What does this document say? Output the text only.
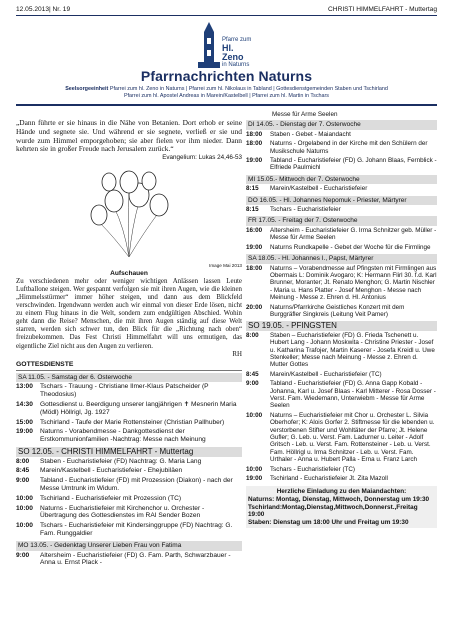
12.05.2013| Nr. 19	CHRISTI HIMMELFAHRT - Muttertag
Pfarre zum
Hl. Zeno
in Naturns
Pfarrnachrichten Naturns
Seelsorgeeinheit Pfarrei zum hl. Zeno in Naturns | Pfarrei zum hl. Nikolaus in Tabland | Gottesdienstgemeinden Staben und Tschirland
Pfarrei zum hl. Apostel Andreas in Marein/Kastelbell | Pfarrei zum hl. Martin in Tschars
„Dann führte er sie hinaus in die Nähe von Betanien. Dort erhob er seine Hände und segnete sie. Und während er sie segnete, verließ er sie und wurde zum Himmel emporgehoben; sie aber fielen vor ihm nieder. Dann kehrten sie in großer Freude nach Jerusalem zurück.“
Evangelium: Lukas 24,46-53
Image Mai 2013
Aufschauen
Zu verschiedenen mehr oder weniger wichtigen Anlässen lassen Leute Luftballone steigen. Wer gespannt verfolgen sie mit ihren Augen, wie die kleinen „Himmelsstürmer“ immer höher steigen, und dann aus dem Blickfeld verschwinden. Irgendwann werden auch wir einmal von dieser Erde lösen, nicht zu einem Flug hinaus in die Welt, sondern zum endgültigen Abschied. Wohin geht dann die Reise? Menschen, die mit ihren Augen ständig auf diese Welt starren, werden sich schwer tun, den Blick für die „Richtung nach oben“ freizubekommen. Das Fest Christi Himmelfahrt will uns ermutigen, das eigentliche Ziel nicht aus den Augen zu verlieren.
RH
GOTTESDIENSTE
SA 11.05. - Samstag der 6. Osterwoche
13:00	Tschars - Trauung - Christiane Ilmer-Klaus Patscheider (P Theodosius)
14:30	Gottesdienst u. Beerdigung unserer langjährigen ✝ Mesnerin Maria (Mödl) Höllrigl, Jg. 1927
15:00	Tschirland - Taufe der Marie Rottensteiner (Christian Pallhuber)
19:00	Naturns - Vorabendmesse - Dankgottesdienst der Erstkommunionfamilien -Nachtrag: Messe nach Meinung
SO 12.05. - CHRISTI HIMMELFAHRT - Muttertag
8:00	Staben - Eucharistiefeier (FD) Nachtrag: G. Maria Lang
8:45	Marein/Kastelbell - Eucharistiefeier - Ehejubiläen
9:00	Tabland - Eucharistiefeier (FD) mit Prozession (Diakon) - nach der Messe Umtrunk im Widum.
10:00	Tschirland - Eucharistiefeier mit Prozession (TC)
10:00	Naturns - Eucharistiefeier mit Kirchenchor u. Orchester - Übertragung des Gottesdienstes im RAI Sender Bozen
10:00	Tschars - Eucharistiefeier mit Kindersinggruppe (FD) Nachtrag: G. Fam. Runggaldier
MO 13.05. - Gedenktag Unserer Lieben Frau von Fatima
9:00	Altersheim - Eucharistiefeier (FD) G. Fam. Parth, Schwarzbauer - Anna u. Ernst Plack -
Messe für Arme Seelen
DI 14.05. - Dienstag der 7. Osterwoche
18:00	Staben - Gebet - Maiandacht
18:00	Naturns - Orgelabend in der Kirche mit den Schülern der Musikschule Naturns
19:00	Tabland - Eucharistiefeier (FD) G. Johann Blaas, Fernblick - Elfriede Paulmichl
MI 15.05.- Mittwoch der 7. Osterwoche
8:15	Marein/Kastelbell - Eucharistiefeier
DO 16.05. - Hl. Johannes Nepomuk - Priester, Märtyrer
8:15	Tschars - Eucharistiefeier
FR 17.05. - Freitag der 7. Osterwoche
16:00	Altersheim - Eucharistiefeier G. Irma Schnitzer geb. Müller - Messe für Arme Seelen
19:00	Naturns Rundkapelle - Gebet der Woche für die Firmlinge
SA 18.05. - Hl. Johannes I., Papst, Märtyrer
18:00	Naturns – Vorabendmesse auf Pfingsten mit Firmlingen aus Obermais L: Dominik Avogaro; K: Hermann Flirl 30. f.d. Karl Brunner, Moranter; Jt. Renato Menghon; G. Martin Nischler - Maria u. Hans Platter - Josef Menghon - Messe nach Meinung - Messe z. Ehren d. Hl. Antonius
20:00	Naturns/Pfarrkirche Geistliches Konzert mit dem Burggräfler Singkreis (Leitung Veit Pamer)
SO 19.05. - PFINGSTEN
8:00	Staben – Eucharistiefeier (FD) G. Frieda Tschenett u. Hubert Lang - Johann Moskwita - Christine Priester - Josef u. Katharina Trafojer, Martin Kaserer - Josefa Kreidl u. Uwe Stenkeller; Messe nach Meinung - Messe z. Ehren d. Mutter Gottes
8:45	Marein/Kastelbell - Eucharistiefeier (TC)
9:00	Tabland - Eucharistiefeier (FD) G. Anna Gapp Kobald - Johanna, Karl u. Josef Blaas - Karl Mitterer - Rosa Dosser - Verst. Fam. Wiedemann, Unterwiebm - Messe für Arme Seelen
10:00	Naturns – Eucharistiefeier mit Chor u. Orchester L. Silvia Oberhofer; K: Alois Gorfer 2. Stiftmesse für die lebenden u. verstorbenen Stifter und Wohltäter der Pfarre; Jt. Helene Gufler; G. Leb. u. Verst. Fam. Ladurner u. Leiter - Adolf Gritsch - Leb. u. Verst. Fam. Rottensteiner - Leb. u. Verst. Fam. Höllrigl u. Irma Schnitzer - Leb. u. Verst. Fam. Urthaler - Anna u. Hubert Palla - Erna u. Franz Larch
10:00	Tschars - Eucharistiefeier (TC)
19:00	Tschirland - Eucharistiefeier Jt. Zita Mazoll
Herzliche Einladung zu den Maiandachten:
Naturns: Montag, Dienstag, Mittwoch, Donnerstag um 19:30
Tschirland:Montag,Dienstag,Mittwoch,Donnerst.,Freitag 19:00
Staben: Dienstag um 18:00 Uhr und Freitag um 19:30
